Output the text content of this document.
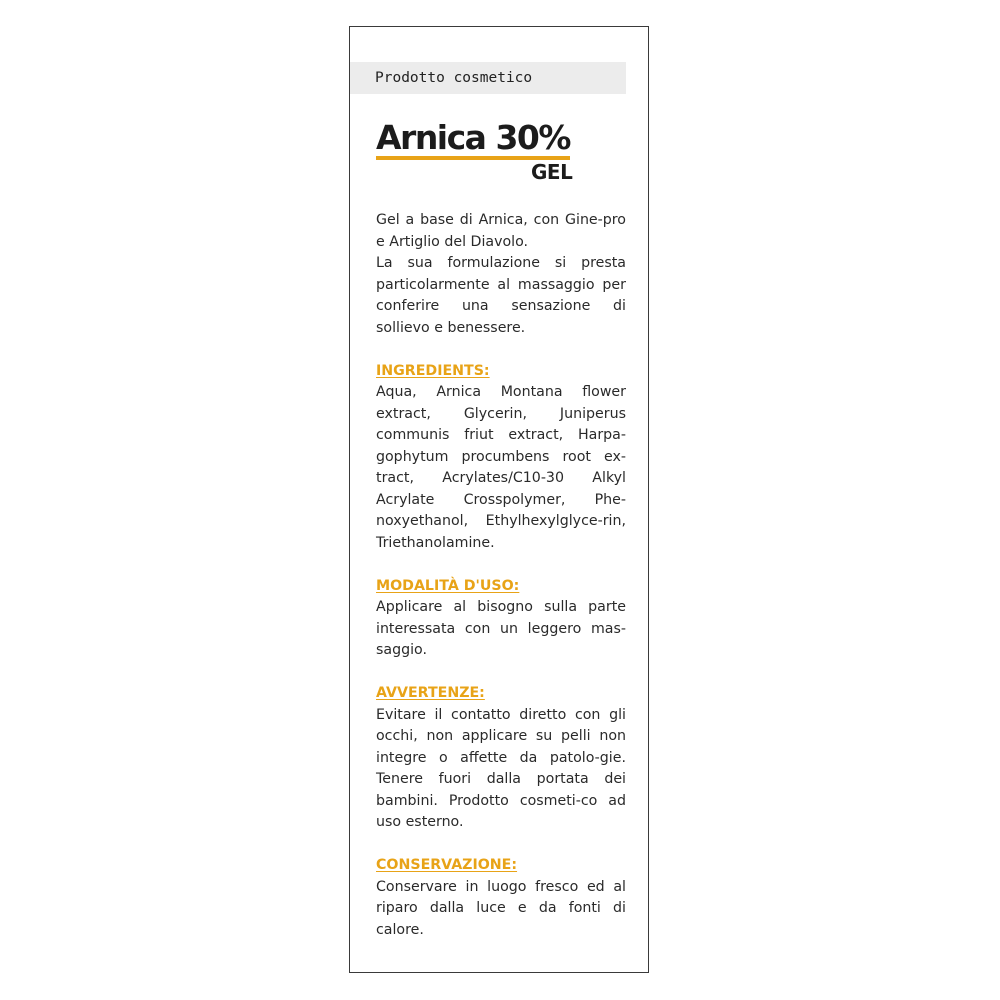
Prodotto cosmetico
Arnica 30%
GEL

Gel a base di Arnica, con Gine-pro e Artiglio del Diavolo.

La sua formulazione si presta particolarmente al massaggio per conferire una sensazione di sollievo e benessere.

INGREDIENTS:

Aqua, Arnica Montana flower extract, Glycerin, Juniperus communis friut extract, Harpa-gophytum procumbens root ex-tract, Acrylates/C10-30 Alkyl Acrylate Crosspolymer, Phe-noxyethanol, Ethylhexylglyce-rin, Triethanolamine.

MODALITÀ D'USO:

Applicare al bisogno sulla parte interessata con un leggero mas-saggio.

AVVERTENZE:

Evitare il contatto diretto con gli occhi, non applicare su pelli non integre o affette da patolo-gie. Tenere fuori dalla portata dei bambini. Prodotto cosmeti-co ad uso esterno.

CONSERVAZIONE:

Conservare in luogo fresco ed al riparo dalla luce e da fonti di calore.
